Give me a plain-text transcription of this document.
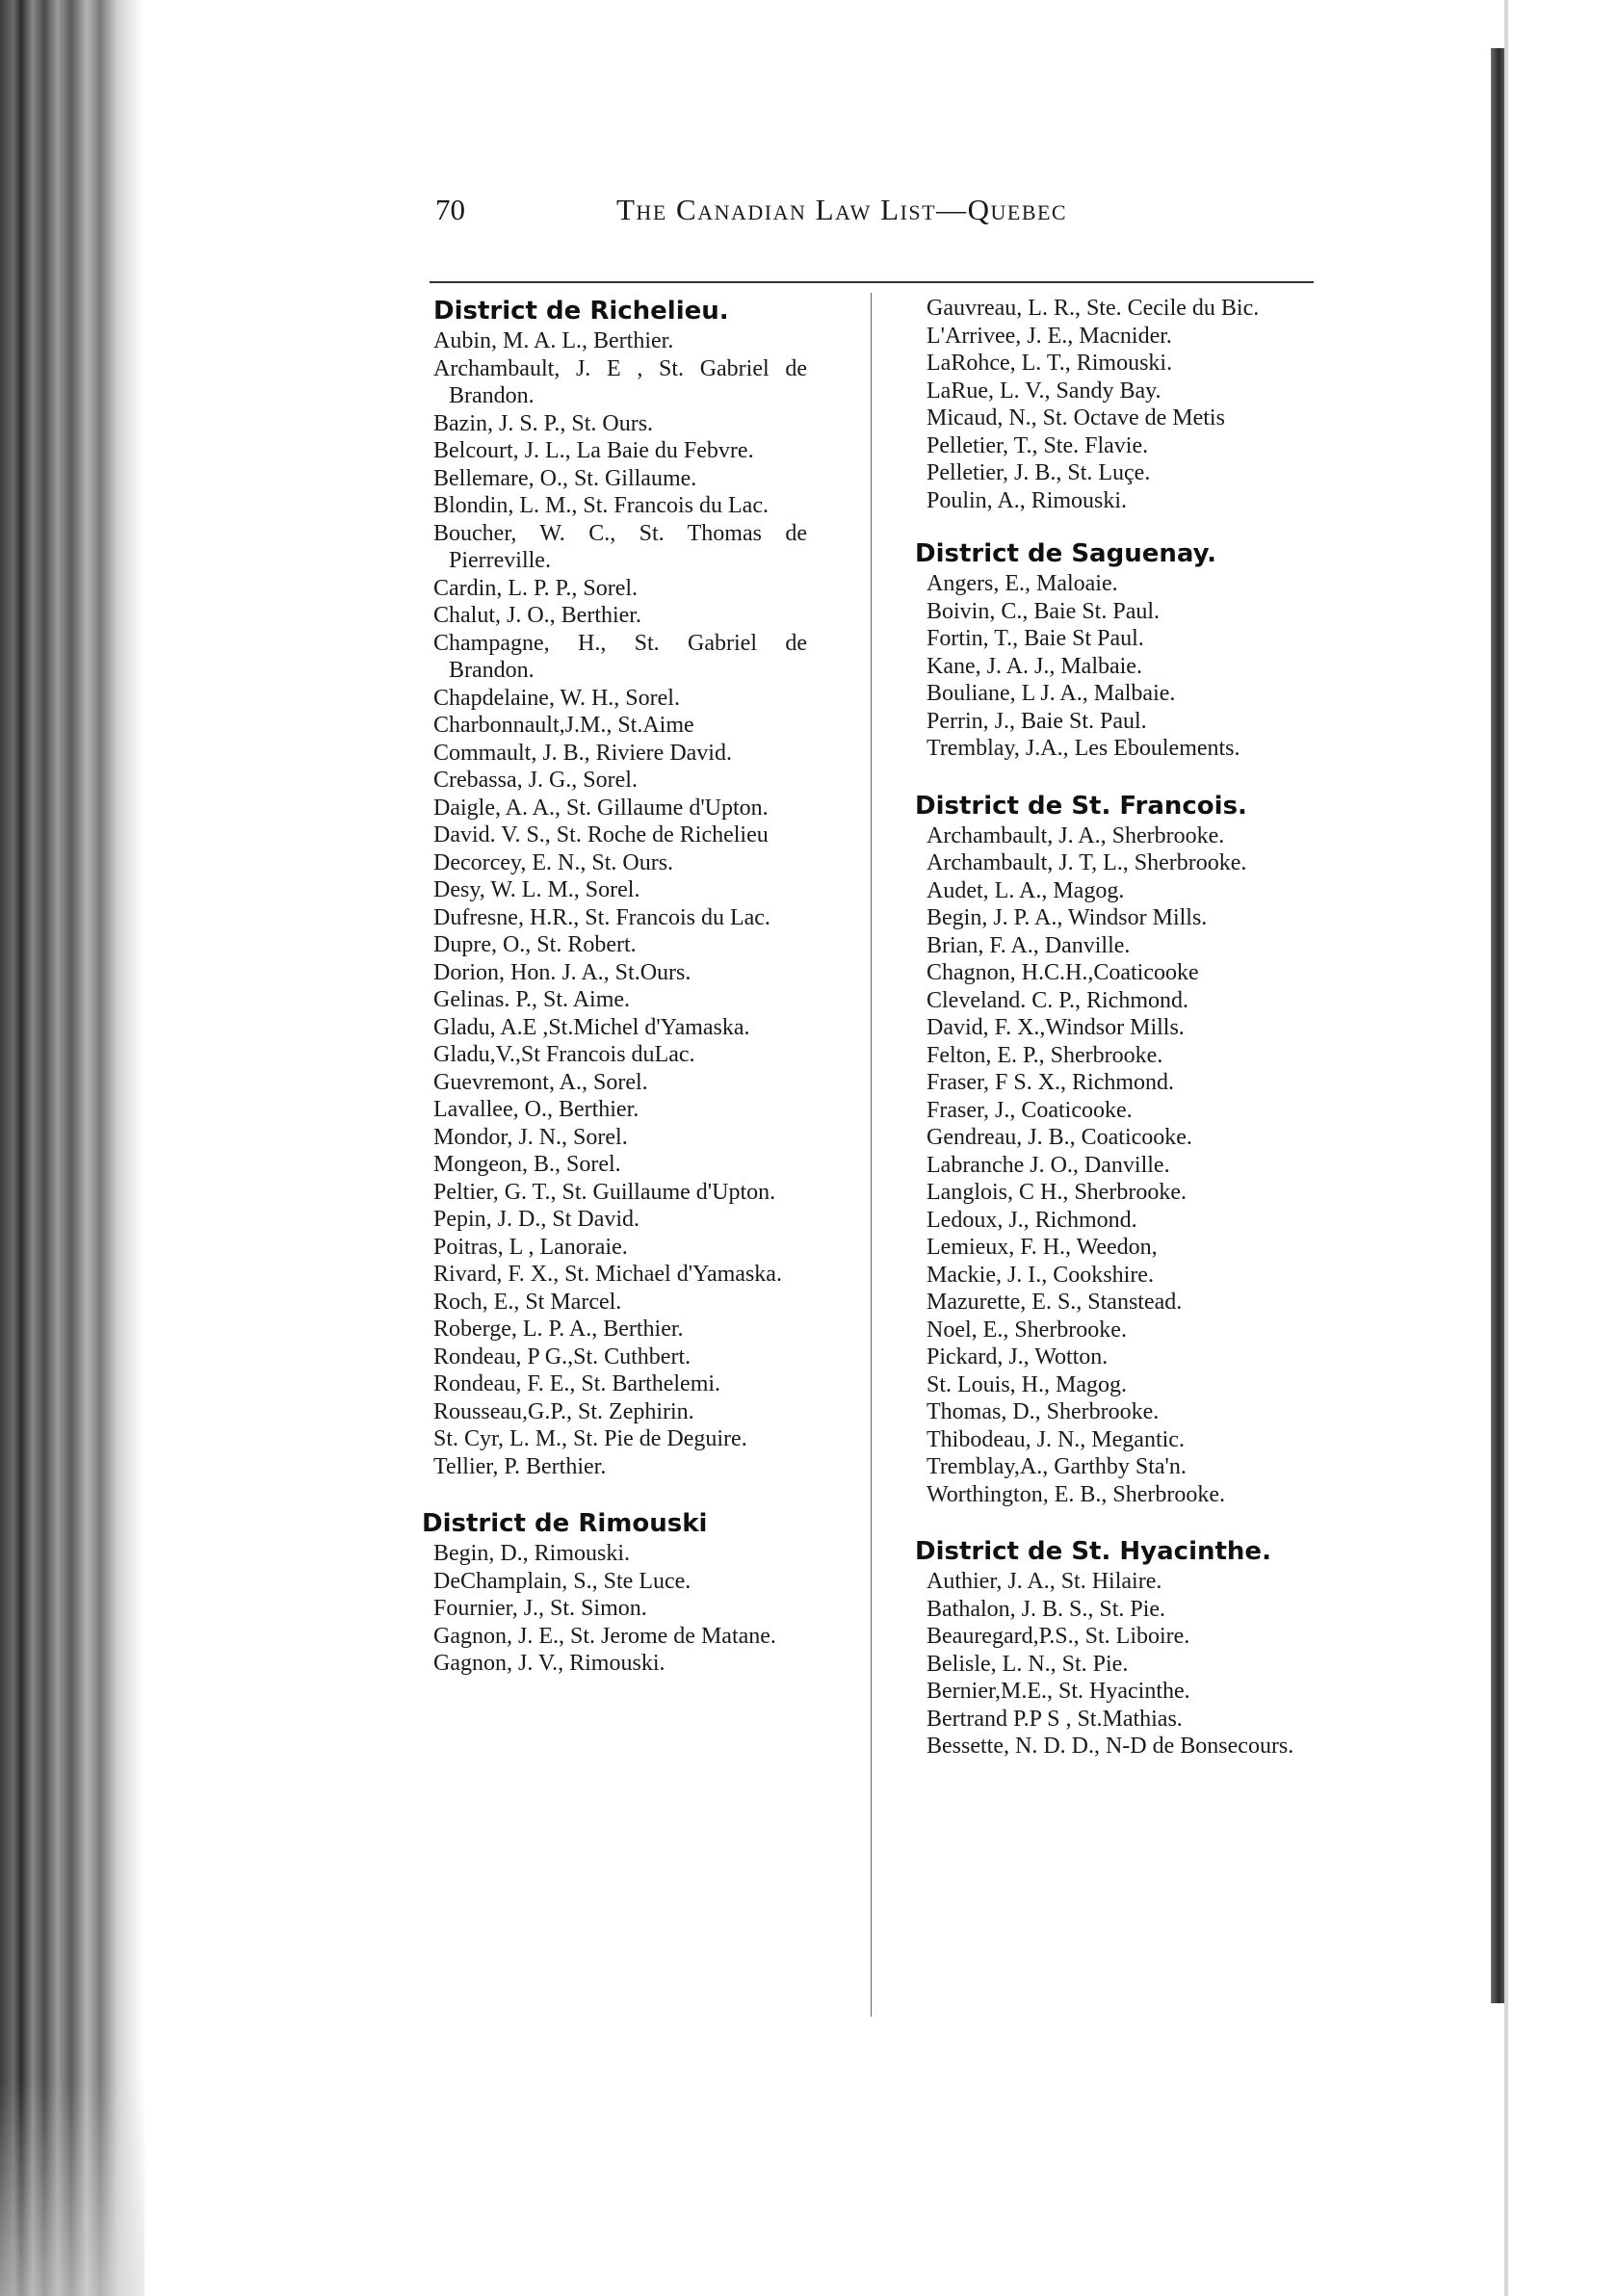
70	The Canadian Law List—Quebec
District de Richelieu.
Aubin, M. A. L., Berthier.
Archambault, J. E , St. Gabriel de Brandon.
Bazin, J. S. P., St. Ours.
Belcourt, J. L., La Baie du Febvre.
Bellemare, O., St. Gillaume.
Blondin, L. M., St. Francois du Lac.
Boucher, W. C., St. Thomas de Pierreville.
Cardin, L. P. P., Sorel.
Chalut, J. O., Berthier.
Champagne, H., St. Gabriel de Brandon.
Chapdelaine, W. H., Sorel.
Charbonnault,J.M., St.Aime
Commault, J. B., Riviere David.
Crebassa, J. G., Sorel.
Daigle, A. A., St. Gillaume d'Upton.
David. V. S., St. Roche de Richelieu
Decorcey, E. N., St. Ours.
Desy, W. L. M., Sorel.
Dufresne, H.R., St. Francois du Lac.
Dupre, O., St. Robert.
Dorion, Hon. J. A., St.Ours.
Gelinas. P., St. Aime.
Gladu, A.E ,St.Michel d'Yamaska.
Gladu,V.,St Francois duLac.
Guevremont, A., Sorel.
Lavallee, O., Berthier.
Mondor, J. N., Sorel.
Mongeon, B., Sorel.
Peltier, G. T., St. Guillaume d'Upton.
Pepin, J. D., St David.
Poitras, L , Lanoraie.
Rivard, F. X., St. Michael d'Yamaska.
Roch, E., St Marcel.
Roberge, L. P. A., Berthier.
Rondeau, P G.,St. Cuthbert.
Rondeau, F. E., St. Barthelemi.
Rousseau,G.P., St. Zephirin.
St. Cyr, L. M., St. Pie de Deguire.
Tellier, P. Berthier.
District de Rimouski
Begin, D., Rimouski.
DeChamplain, S., Ste Luce.
Fournier, J., St. Simon.
Gagnon, J. E., St. Jerome de Matane.
Gagnon, J. V., Rimouski.
Gauvreau, L. R., Ste. Cecile du Bic.
L'Arrivee, J. E., Macnider.
LaRohce, L. T., Rimouski.
LaRue, L. V., Sandy Bay.
Micaud, N., St. Octave de Metis
Pelletier, T., Ste. Flavie.
Pelletier, J. B., St. Luçe.
Poulin, A., Rimouski.
District de Saguenay.
Angers, E., Maloaie.
Boivin, C., Baie St. Paul.
Fortin, T., Baie St Paul.
Kane, J. A. J., Malbaie.
Bouliane, L J. A., Malbaie.
Perrin, J., Baie St. Paul.
Tremblay, J.A., Les Eboulements.
District de St. Francois.
Archambault, J. A., Sherbrooke.
Archambault, J. T, L., Sherbrooke.
Audet, L. A., Magog.
Begin, J. P. A., Windsor Mills.
Brian, F. A., Danville.
Chagnon, H.C.H.,Coaticooke
Cleveland. C. P., Richmond.
David, F. X.,Windsor Mills.
Felton, E. P., Sherbrooke.
Fraser, F S. X., Richmond.
Fraser, J., Coaticooke.
Gendreau, J. B., Coaticooke.
Labranche J. O., Danville.
Langlois, C H., Sherbrooke.
Ledoux, J., Richmond.
Lemieux, F. H., Weedon,
Mackie, J. I., Cookshire.
Mazurette, E. S., Stanstead.
Noel, E., Sherbrooke.
Pickard, J., Wotton.
St. Louis, H., Magog.
Thomas, D., Sherbrooke.
Thibodeau, J. N., Megantic.
Tremblay,A., Garthby Sta'n.
Worthington, E. B., Sherbrooke.
District de St. Hyacinthe.
Authier, J. A., St. Hilaire.
Bathalon, J. B. S., St. Pie.
Beauregard,P.S., St. Liboire.
Belisle, L. N., St. Pie.
Bernier,M.E., St. Hyacinthe.
Bertrand P.P S , St.Mathias.
Bessette, N. D. D., N-D de Bonsecours.
